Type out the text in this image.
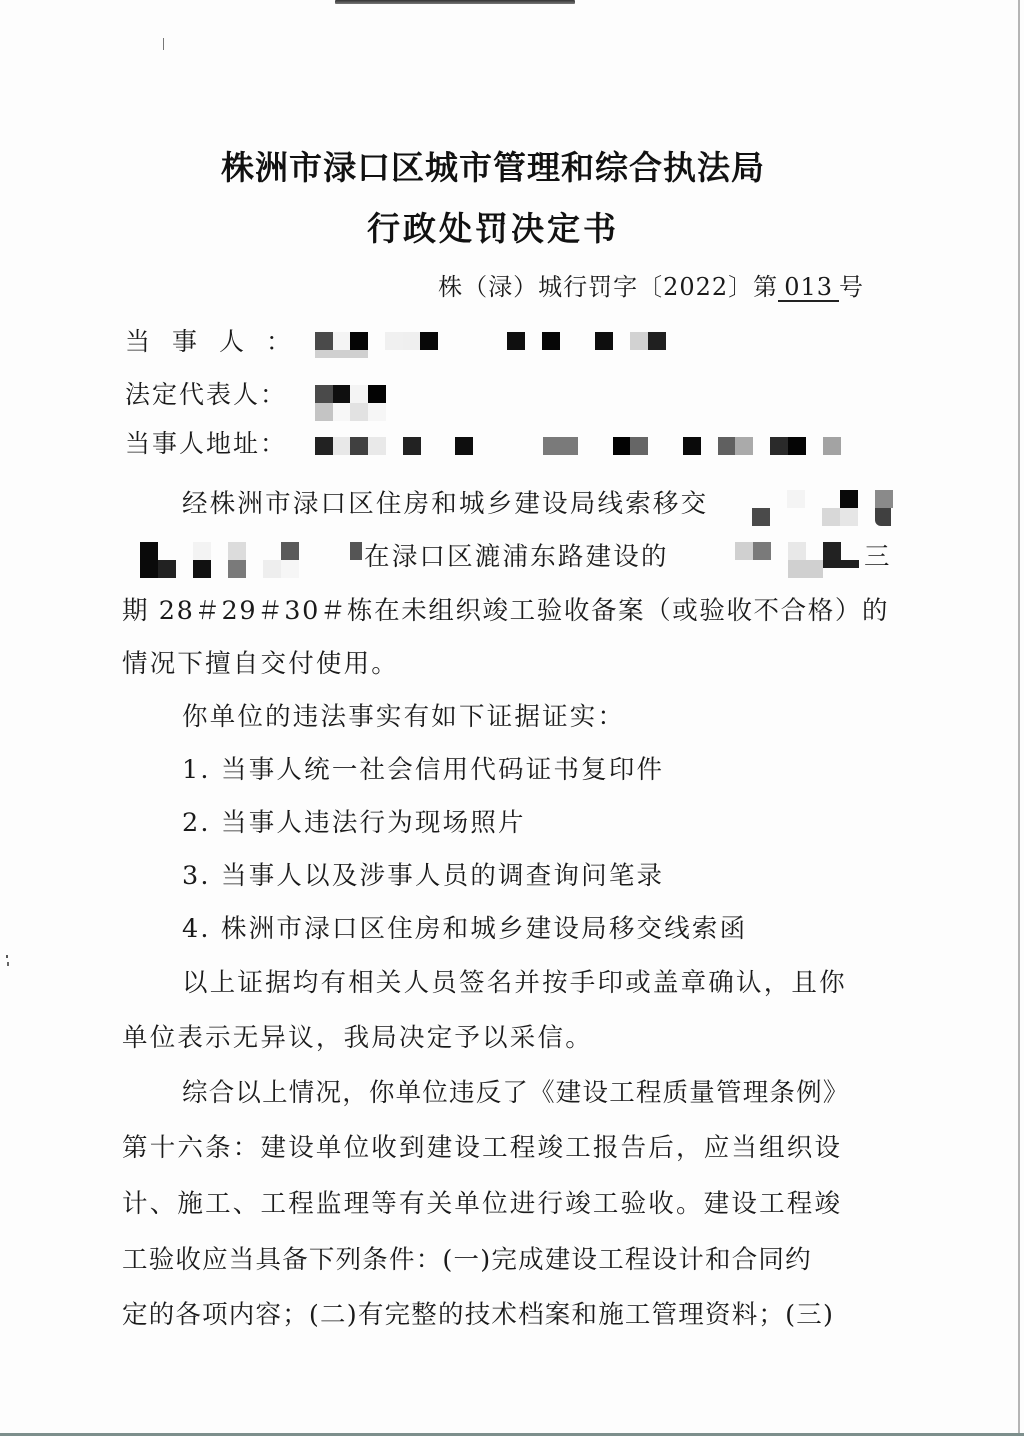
株洲市渌口区城市管理和综合执法局
行政处罚决定书
株（渌）城行罚字〔2022〕第 013 号
当事人：
法定代表人：
当事人地址：
经株洲市渌口区住房和城乡建设局线索移交
在渌口区漉浦东路建设的	三
期 28＃29＃30＃栋在未组织竣工验收备案（或验收不合格）的
情况下擅自交付使用。
你单位的违法事实有如下证据证实：
1. 当事人统一社会信用代码证书复印件
2. 当事人违法行为现场照片
3. 当事人以及涉事人员的调查询问笔录
4. 株洲市渌口区住房和城乡建设局移交线索函
以上证据均有相关人员签名并按手印或盖章确认，且你
单位表示无异议，我局决定予以采信。
综合以上情况，你单位违反了《建设工程质量管理条例》
第十六条：建设单位收到建设工程竣工报告后，应当组织设
计、施工、工程监理等有关单位进行竣工验收。建设工程竣
工验收应当具备下列条件：(一)完成建设工程设计和合同约
定的各项内容；(二)有完整的技术档案和施工管理资料；(三)
